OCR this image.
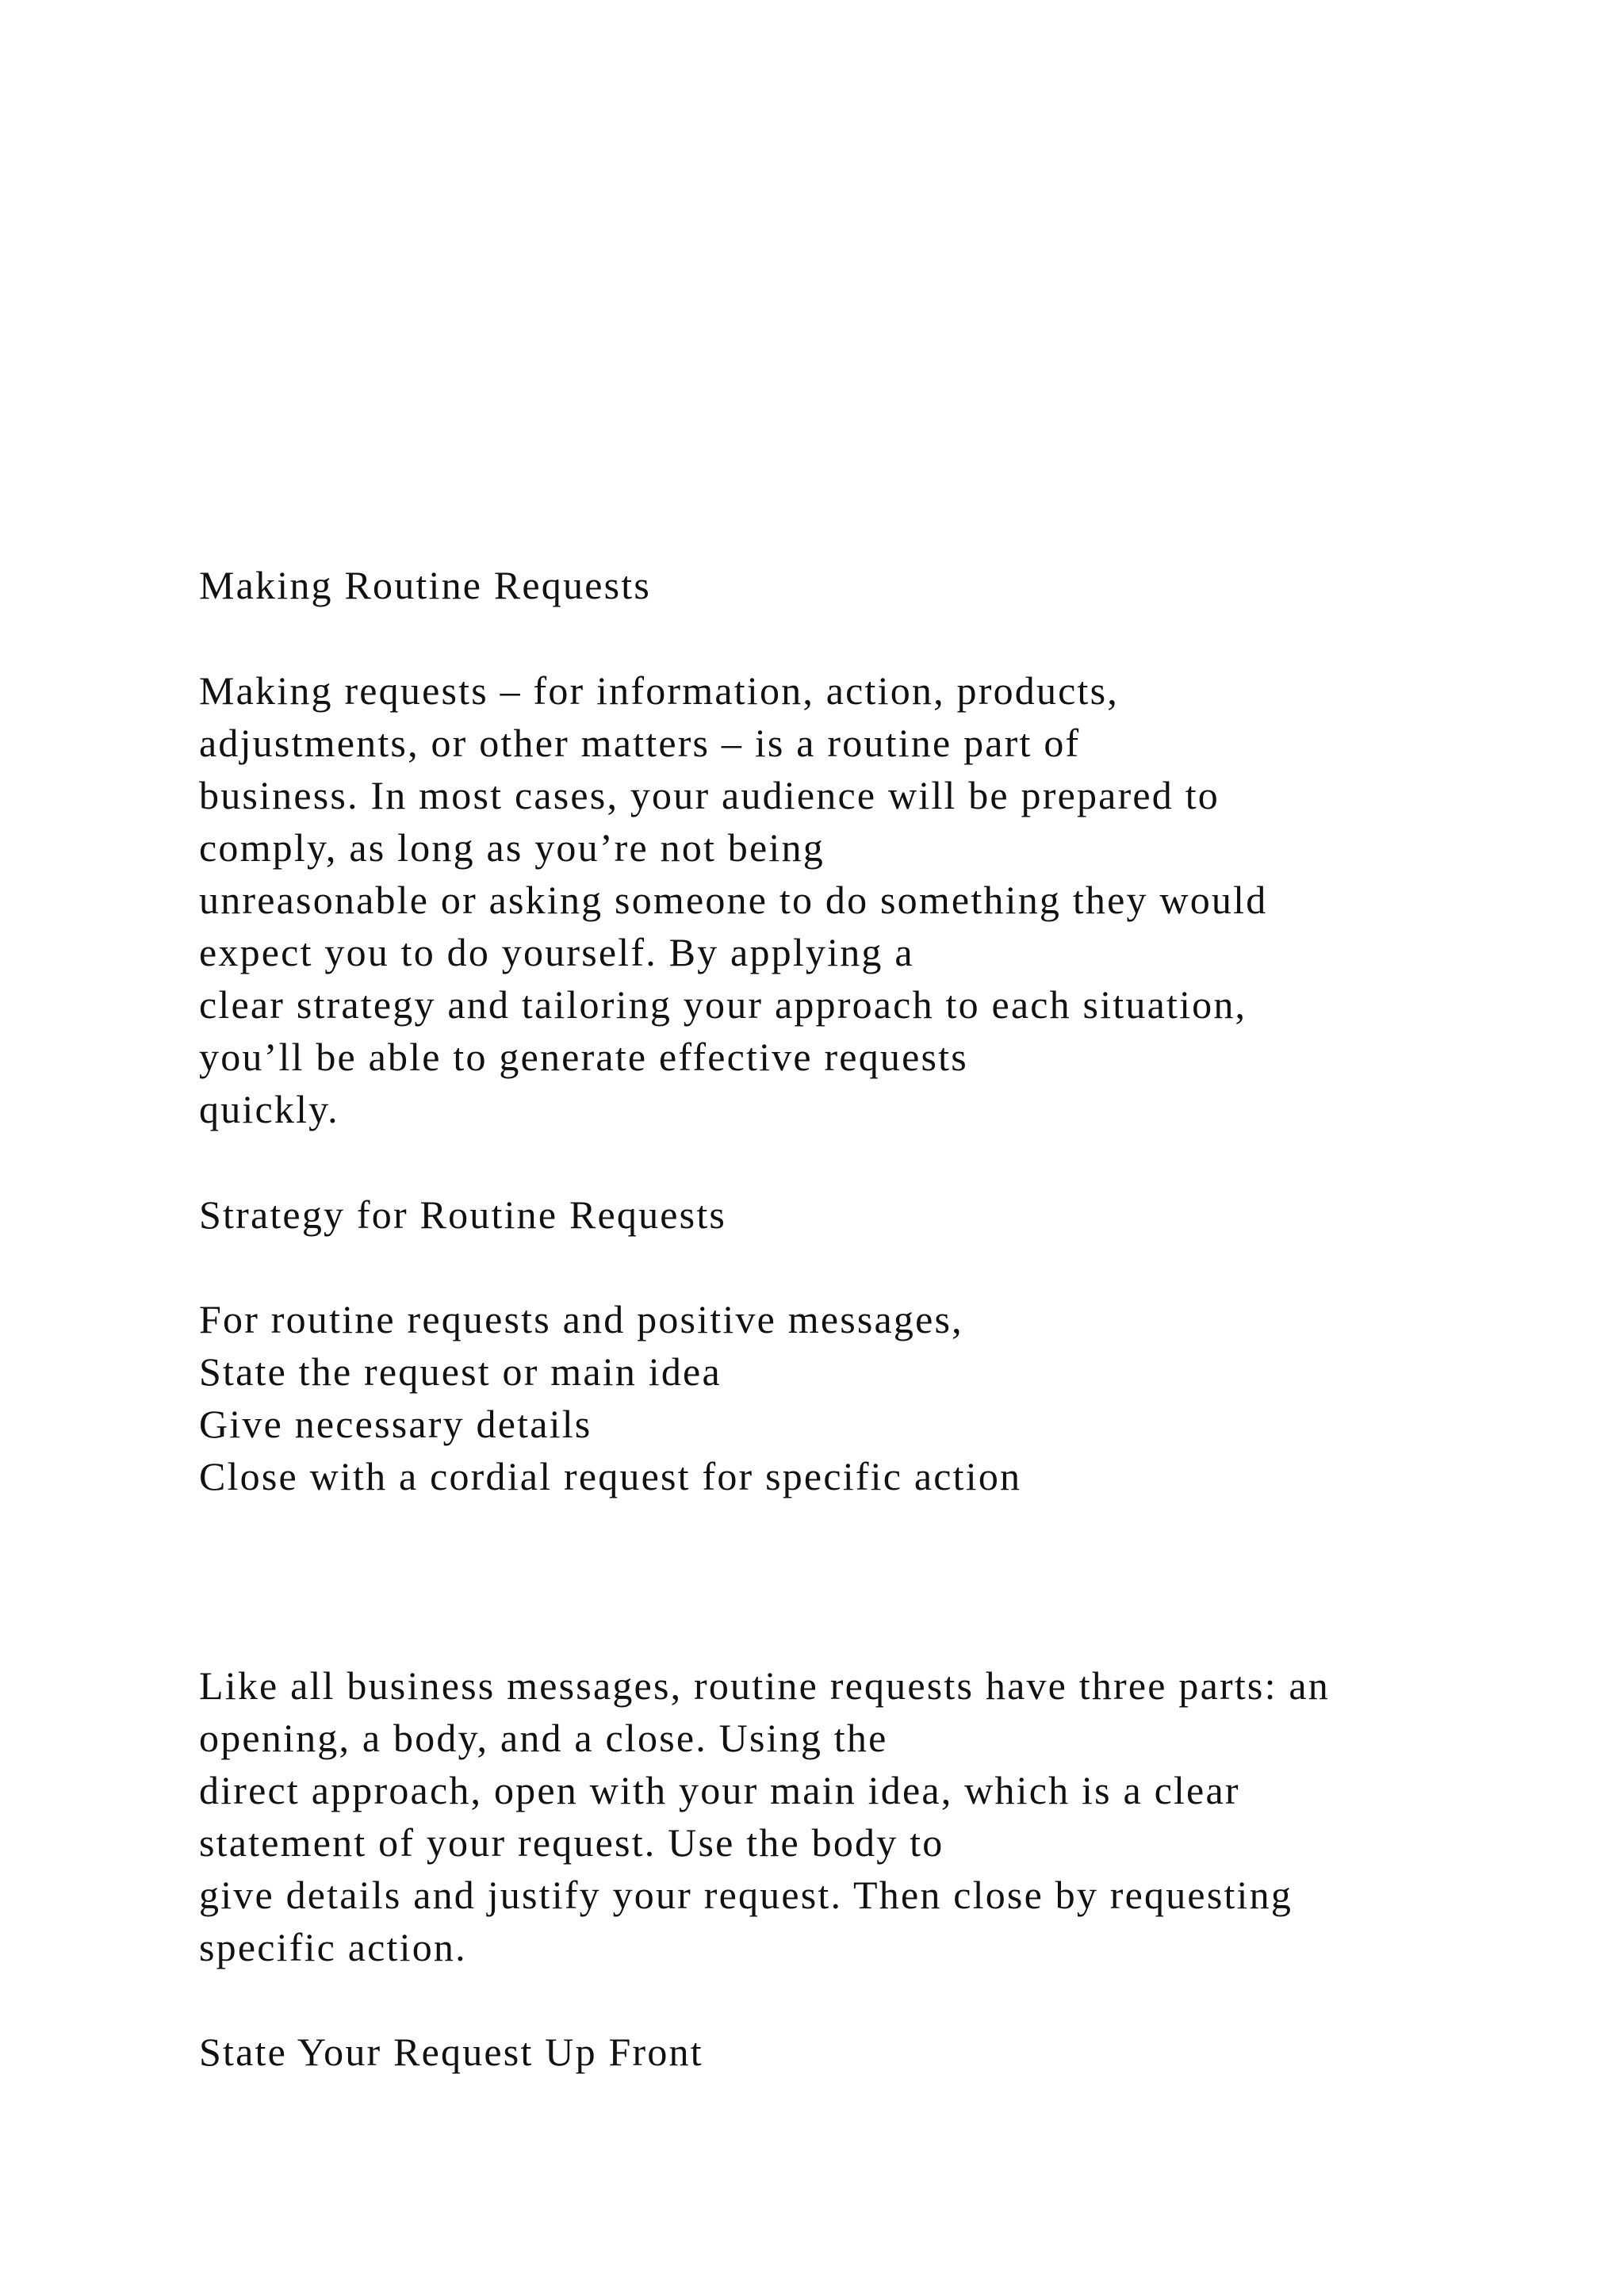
Making Routine Requests
Making requests – for information, action, products,
adjustments, or other matters – is a routine part of
business. In most cases, your audience will be prepared to
comply, as long as you’re not being
unreasonable or asking someone to do something they would
expect you to do yourself. By applying a
clear strategy and tailoring your approach to each situation,
you’ll be able to generate effective requests
quickly.
Strategy for Routine Requests
For routine requests and positive messages,
State the request or main idea
Give necessary details
Close with a cordial request for specific action
Like all business messages, routine requests have three parts: an
opening, a body, and a close. Using the
direct approach, open with your main idea, which is a clear
statement of your request. Use the body to
give details and justify your request. Then close by requesting
specific action.
State Your Request Up Front
